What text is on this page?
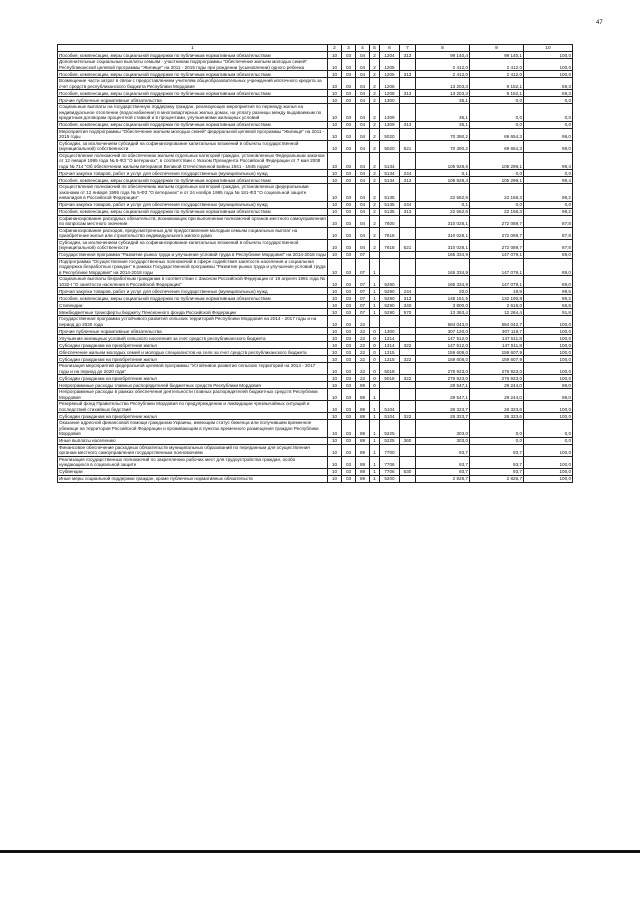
47
1	2	3	4	5	6	7	8	9	10
Пособия, компенсации, меры социальной поддержки по публичным нормативным обязательствам	10	03	04	2	1204	313	99 140,4	99 140,1	100,0
Дополнительные социальные выплаты семьям - участникам подпрограммы "Обеспечение жильем молодых семей" Республиканской целевой программы "Жилище" на 2011 - 2015 годы при рождении (усыновлении) одного ребенка	10	03	04	2	1205		2 412,0	2 412,0	100,0
Пособия, компенсации, меры социальной поддержки по публичным нормативным обязательствам	10	03	04	2	1205	313	2 412,0	2 412,0	100,0
Возмещение части затрат в связи с предоставлением учителям общеобразовательных учреждений ипотечного кредита за счет средств республиканского бюджета Республики Мордовия	10	03	04	2	1208		13 203,3	9 152,1	69,3
Пособия, компенсации, меры социальной поддержки по публичным нормативным обязательствам	10	03	04	2	1208	313	13 203,3	9 152,1	69,3
Прочие публичные нормативные обязательства	10	03	04	2	1300		36,1	0,0	0,0
Социальные выплаты на государственную поддержку граждан, реализующих мероприятия по переводу жилья на индивидуальное отопление (водоснабжение) в многоквартирных жилых домах, на уплату разницы между выдаваемым по кредитным договорам процентной ставкой и 5 процентами, улучшениями жилищных условий	10	03	04	2	1309		36,1	0,0	0,0
Пособия, компенсации, меры социальной поддержки по публичным нормативным обязательствам	10	03	04	2	1309	313	36,1	0,0	0,0
Мероприятия подпрограммы "Обеспечение жильем молодых семей" федеральной целевой программы "Жилище" на 2011 - 2015 годы	10	03	04	2	5020		70 390,2	69 654,3	99,0
Субсидии, за исключением субсидий на софинансирование капитальных вложений в объекты государственной (муниципальной) собственности	10	03	04	2	5020	521	70 390,2	69 654,3	99,0
Осуществление полномочий по обеспечению жильем отдельных категорий граждан, установленных Федеральным законом от 12 января 1995 года № 5-ФЗ "О ветеранах", в соответствии с Указом Президента Российской Федерации от 7 мая 2008 года № 714 "Об обеспечении жильем ветеранов Великой Отечественной войны 1941 - 1945 годов"	10	03	04	2	5134		105 928,6	105 299,1	99,4
Прочая закупка товаров, работ и услуг для обеспечения государственных (муниципальных) нужд	10	03	04	2	5134	244	0,1	0,0	0,0
Пособия, компенсации, меры социальной поддержки по публичным нормативным обязательствам	10	03	04	2	5134	313	105 928,4	105 299,1	99,4
Осуществление полномочий по обеспечению жильем отдельных категорий граждан, установленных федеральными законами от 12 января 1995 года № 5-ФЗ "О ветеранах" и от 24 ноября 1995 года № 181-ФЗ "О социальной защите инвалидов в Российской Федерации"	10	03	04	2	5135		22 562,9	22 168,3	98,2
Прочая закупка товаров, работ и услуг для обеспечения государственных (муниципальных) нужд	10	03	04	2	5135	244	0,1	0,0	0,0
Пособия, компенсации, меры социальной поддержки по публичным нормативным обязательствам	10	03	04	2	5135	313	22 562,9	22 168,3	98,2
Софинансирование расходных обязательств, возникающих при выполнении полномочий органов местного самоуправления по вопросам местного значения	10	03	04	2	7600		310 028,1	272 089,7	87,8
Софинансирование расходов, предусмотренных для предоставления молодым семьям социальных выплат на приобретение жилья или строительство индивидуального жилого дома	10	03	04	2	7618		310 028,1	272 089,7	87,8
Субсидии, за исключением субсидий на софинансирование капитальных вложений в объекты государственной (муниципальной) собственности	10	03	04	2	7618	521	310 028,1	272 089,7	87,8
Государственная программа "Развитие рынка труда и улучшение условий труда в Республике Мордовия" на 2014-2018 годы	10	03	07				165 334,9	147 079,1	89,0
Подпрограмма "Осуществление государственных полномочий в сфере содействия занятости населения и социальная поддержка безработных граждан" в рамках Государственной программы "Развитие рынка труда и улучшение условий труда в Республике Мордовия" на 2014-2018 годы	10	03	07	1			165 334,9	147 079,1	89,0
Социальные выплаты безработным гражданам в соответствии с Законом Российской Федерации от 19 апреля 1991 года № 1032-I "О занятости населения в Российской Федерации"	10	03	07	1	5290		165 334,9	147 079,1	89,0
Прочая закупка товаров, работ и услуг для обеспечения государственных (муниципальных) нужд	10	03	07	1	5290	244	20,0	19,9	99,5
Пособия, компенсации, меры социальной поддержки по публичным нормативным обязательствам	10	03	07	1	5290	313	148 151,5	132 190,8	89,2
Стипендии	10	03	07	1	5290	340	3 800,0	2 616,0	68,8
Межбюджетные трансферты бюджету Пенсионного фонда Российской Федерации	10	03	07	1	5290	570	13 363,4	12 264,4	91,8
Государственная программа устойчивого развития сельских территорий Республики Мордовия на 2014 - 2017 годы и на период до 2020 года	10	03	22				584 043,0	584 042,7	100,0
Прочие публичные нормативные обязательства	10	03	22	0	1300		307 120,0	307 119,7	100,0
Улучшение жилищных условий сельского населения за счет средств республиканского бюджета	10	03	22	0	1314		147 512,0	147 511,8	100,0
Субсидии гражданам на приобретение жилья	10	03	22	0	1314	322	147 512,0	147 511,8	100,0
Обеспечение жильем молодых семей и молодых специалистов на селе за счет средств республиканского бюджета	10	03	22	0	1315		159 608,0	159 607,9	100,0
Субсидии гражданам на приобретение жилья	10	03	22	0	1315	322	159 608,0	159 607,9	100,0
Реализация мероприятий федеральной целевой программы "Устойчивое развитие сельских территорий на 2014 - 2017 годы и на период до 2020 года"	10	03	22	0	5018		276 923,0	276 923,0	100,0
Субсидии гражданам на приобретение жилья	10	03	22	0	5018	322	276 923,0	276 923,0	100,0
Непрограммные расходы главных распорядителей бюджетных средств Республики Мордовия	10	03	89	0			29 547,1	29 244,0	99,0
Непрограммные расходы в рамках обеспечения деятельности главных распорядителей бюджетных средств Республики Мордовия	10	03	89	1			29 547,1	29 244,0	99,0
Резервный фонд Правительства Республики Мордовия по предупреждению и ликвидации чрезвычайных ситуаций и последствий стихийных бедствий	10	03	89	1	5104		26 323,7	26 323,6	100,0
Субсидии гражданам на приобретение жилья	10	03	89	1	5104	322	26 323,7	26 323,6	100,0
Оказание адресной финансовой помощи гражданам Украины, имеющим статус беженца или получившим временное убежище на территории Российской Федерации и проживающим в пунктах временного размещения граждан Республики Мордовия	10	03	89	1	5225		303,0	0,0	0,0
Иные выплаты населению	10	03	89	1	5225	360	303,0	0,0	0,0
Финансовое обеспечение расходных обязательств муниципальных образований по переданным для осуществления органам местного самоуправления государственным полномочиям	10	03	89	1	7700		93,7	93,7	100,0
Реализация государственных полномочий по закреплению рабочих мест для трудоустройства граждан, особо нуждающихся в социальной защите	10	03	89	1	7706		93,7	93,7	100,0
Субвенции	10	03	89	1	7706	530	93,7	93,7	100,0
Иные меры социальной поддержки граждан, кроме публичных нормативных обязательств	10	03	89	1	5200		2 826,7	2 826,7	100,0
